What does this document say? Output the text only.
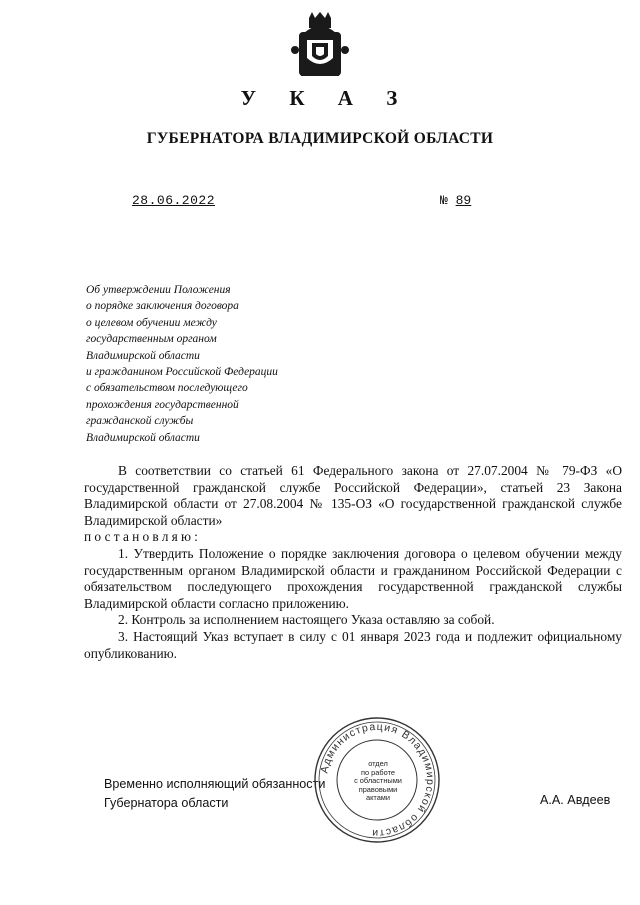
У К А З
ГУБЕРНАТОРА ВЛАДИМИРСКОЙ ОБЛАСТИ
28.06.2022	№ 89
Об утверждении Положения
о порядке заключения договора
о целевом обучении между
государственным органом
Владимирской области
и гражданином Российской Федерации
с обязательством последующего
прохождения государственной
гражданской службы
Владимирской области

В соответствии со статьей 61 Федерального закона от 27.07.2004 № 79-ФЗ «О государственной гражданской службе Российской Федерации», статьей 23 Закона Владимирской области от 27.08.2004 № 135-ОЗ «О государственной гражданской службе Владимирской области»

постановляю:

1. Утвердить Положение о порядке заключения договора о целевом обучении между государственным органом Владимирской области и гражданином Российской Федерации с обязательством последующего прохождения государственной гражданской службы Владимирской области согласно приложению.

2. Контроль за исполнением настоящего Указа оставляю за собой.

3. Настоящий Указ вступает в силу с 01 января 2023 года и подлежит официальному опубликованию.

Временно исполняющий обязанности
Губернатора области	А.А. Авдеев
Администрация Владимирской области
отдел
по работе
с областными
правовыми
актами
